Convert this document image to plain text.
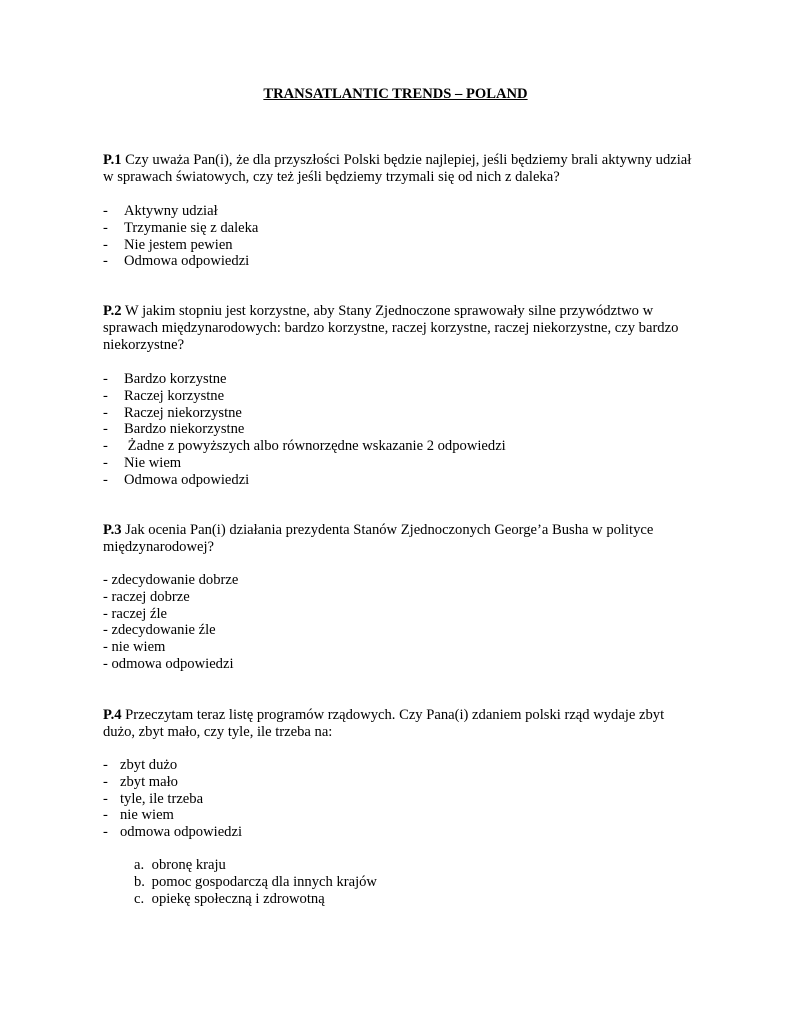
TRANSATLANTIC TRENDS – POLAND

P.1 Czy uważa Pan(i), że dla przyszłości Polski będzie najlepiej, jeśli będziemy brali aktywny udział w sprawach światowych, czy też jeśli będziemy trzymali się od nich z daleka?

- Aktywny udział
- Trzymanie się z daleka
- Nie jestem pewien
- Odmowa odpowiedzi

P.2 W jakim stopniu jest korzystne, aby Stany Zjednoczone sprawowały silne przywództwo w sprawach międzynarodowych: bardzo korzystne, raczej korzystne, raczej niekorzystne, czy bardzo niekorzystne?

- Bardzo korzystne
- Raczej korzystne
- Raczej niekorzystne
- Bardzo niekorzystne
- Żadne z powyższych albo równorzędne wskazanie 2 odpowiedzi
- Nie wiem
- Odmowa odpowiedzi

P.3 Jak ocenia Pan(i) działania prezydenta Stanów Zjednoczonych George’a Busha w polityce międzynarodowej?

- zdecydowanie dobrze
- raczej dobrze
- raczej źle
- zdecydowanie źle
- nie wiem
- odmowa odpowiedzi

P.4 Przeczytam teraz listę programów rządowych. Czy Pana(i) zdaniem polski rząd wydaje zbyt dużo, zbyt mało, czy tyle, ile trzeba na:

- zbyt dużo
- zbyt mało
- tyle, ile trzeba
- nie wiem
- odmowa odpowiedzi
a. obronę kraju
b. pomoc gospodarczą dla innych krajów
c. opiekę społeczną i zdrowotną
